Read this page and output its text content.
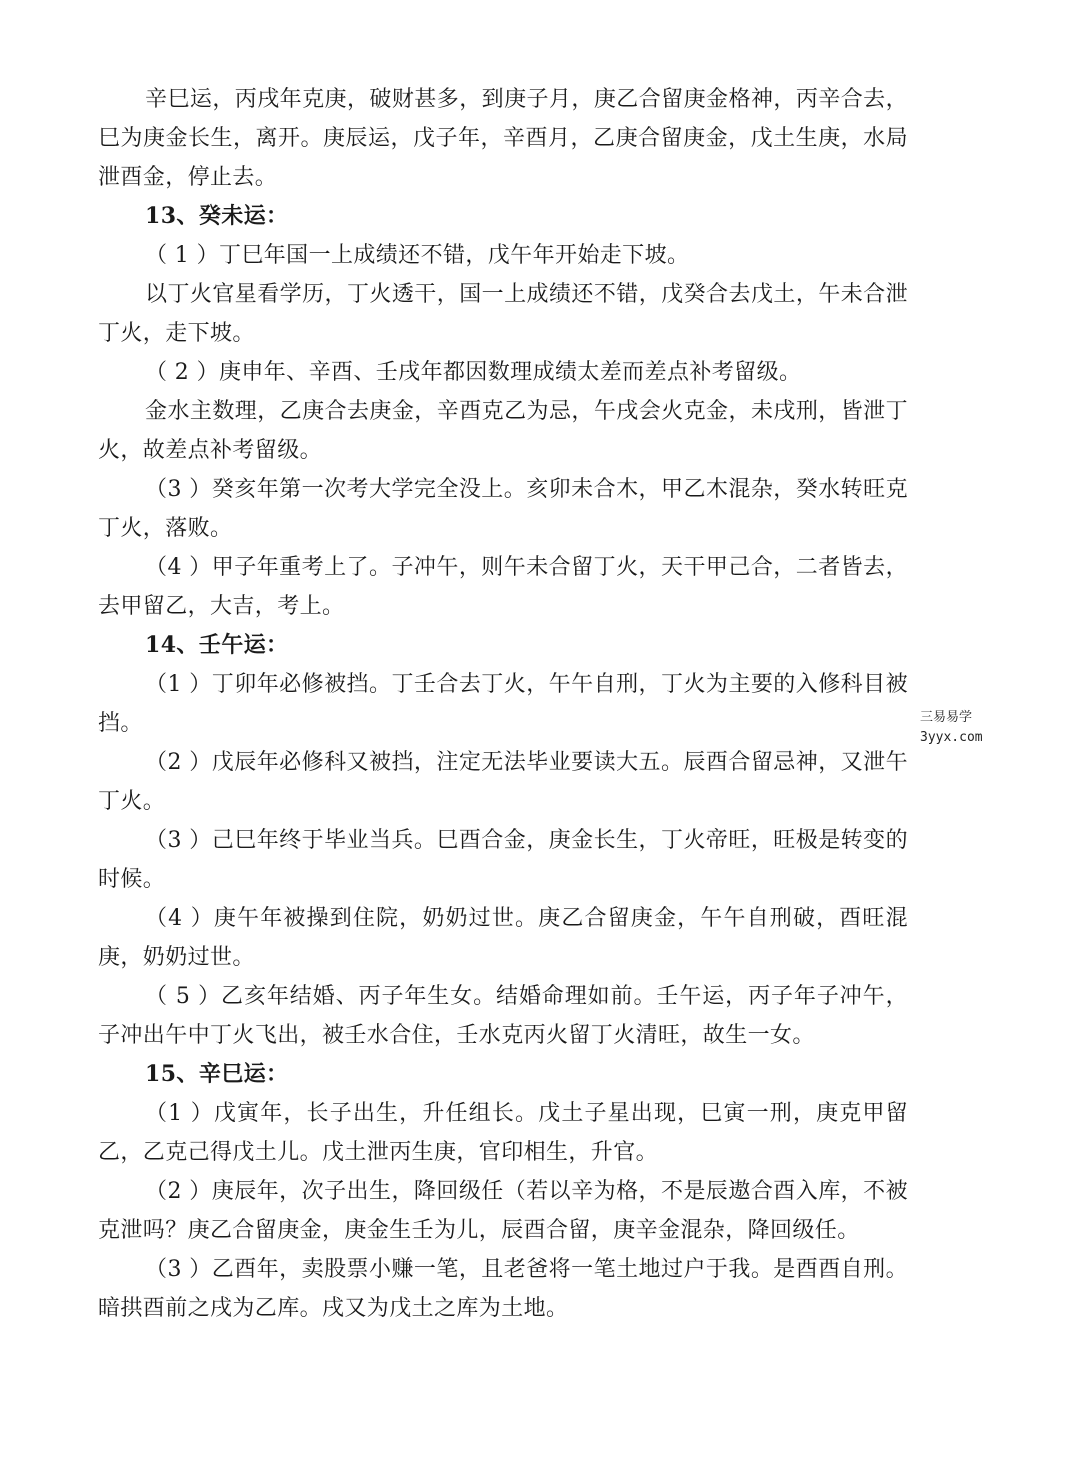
辛巳运，丙戌年克庚，破财甚多，到庚子月，庚乙合留庚金格神，丙辛合去，巳为庚金长生，离开。庚辰运，戊子年，辛酉月，乙庚合留庚金，戊土生庚，水局泄酉金，停止去。

13、癸未运：

（ 1 ）丁巳年国一上成绩还不错，戊午年开始走下坡。

以丁火官星看学历，丁火透干，国一上成绩还不错，戊癸合去戊土，午未合泄丁火，走下坡。

（ 2 ）庚申年、辛酉、壬戌年都因数理成绩太差而差点补考留级。

金水主数理，乙庚合去庚金，辛酉克乙为忌，午戌会火克金，未戌刑，皆泄丁火，故差点补考留级。

（3 ）癸亥年第一次考大学完全没上。亥卯未合木，甲乙木混杂，癸水转旺克丁火，落败。

（4 ）甲子年重考上了。子冲午，则午未合留丁火，天干甲己合，二者皆去，去甲留乙，大吉，考上。

14、壬午运：

（1 ）丁卯年必修被挡。丁壬合去丁火，午午自刑，丁火为主要的入修科目被挡。

（2 ）戊辰年必修科又被挡，注定无法毕业要读大五。辰酉合留忌神，又泄午丁火。

（3 ）己巳年终于毕业当兵。巳酉合金，庚金长生，丁火帝旺，旺极是转变的时候。

（4 ）庚午年被操到住院，奶奶过世。庚乙合留庚金，午午自刑破，酉旺混庚，奶奶过世。

（ 5 ）乙亥年结婚、丙子年生女。结婚命理如前。壬午运，丙子年子冲午，子冲出午中丁火飞出，被壬水合住，壬水克丙火留丁火清旺，故生一女。

15、辛巳运：

（1 ）戊寅年，长子出生，升任组长。戊土子星出现，巳寅一刑，庚克甲留乙，乙克己得戊土儿。戊土泄丙生庚，官印相生，升官。

（2 ）庚辰年，次子出生，降回级任（若以辛为格，不是辰遨合酉入库，不被克泄吗？庚乙合留庚金，庚金生壬为儿，辰酉合留，庚辛金混杂，降回级任。

（3 ）乙酉年，卖股票小赚一笔，且老爸将一笔土地过户于我。是酉酉自刑。暗拱酉前之戌为乙库。戌又为戊土之库为土地。

三易易学
3yyx.com
